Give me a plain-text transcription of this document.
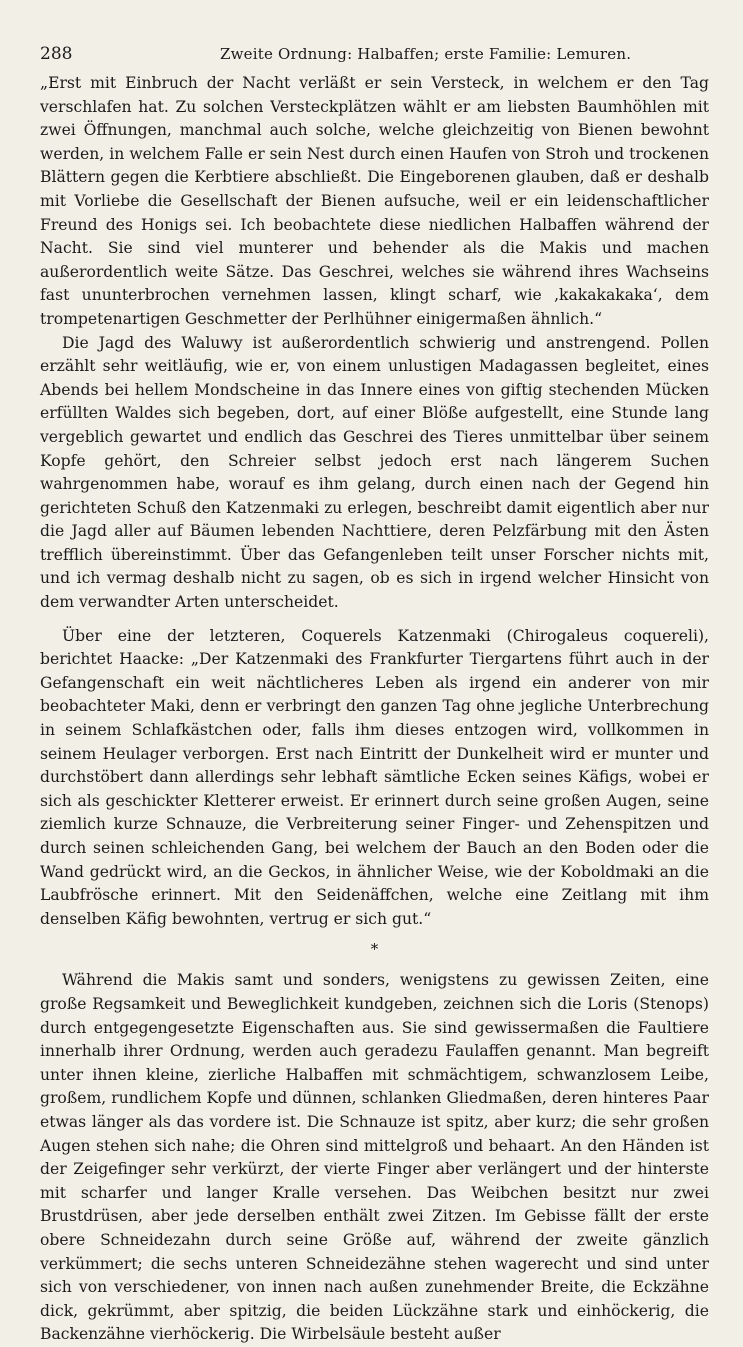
288	Zweite Ordnung: Halbaffen; erste Familie: Lemuren.

„Erst mit Einbruch der Nacht verläßt er sein Versteck, in welchem er den Tag verschlafen hat. Zu solchen Versteckplätzen wählt er am liebsten Baumhöhlen mit zwei Öffnungen, manchmal auch solche, welche gleichzeitig von Bienen bewohnt werden, in welchem Falle er sein Nest durch einen Haufen von Stroh und trockenen Blättern gegen die Kerbtiere abschließt. Die Eingeborenen glauben, daß er deshalb mit Vorliebe die Gesellschaft der Bienen aufsuche, weil er ein leidenschaftlicher Freund des Honigs sei. Ich beobachtete diese niedlichen Halbaffen während der Nacht. Sie sind viel munterer und behender als die Makis und machen außerordentlich weite Sätze. Das Geschrei, welches sie während ihres Wachseins fast ununterbrochen vernehmen lassen, klingt scharf, wie ‚kakakakaka‘, dem trompetenartigen Geschmetter der Perlhühner einigermaßen ähnlich.“

Die Jagd des Waluwy ist außerordentlich schwierig und anstrengend. Pollen erzählt sehr weitläufig, wie er, von einem unlustigen Madagassen begleitet, eines Abends bei hellem Mondscheine in das Innere eines von giftig stechenden Mücken erfüllten Waldes sich begeben, dort, auf einer Blöße aufgestellt, eine Stunde lang vergeblich gewartet und endlich das Geschrei des Tieres unmittelbar über seinem Kopfe gehört, den Schreier selbst jedoch erst nach längerem Suchen wahrgenommen habe, worauf es ihm gelang, durch einen nach der Gegend hin gerichteten Schuß den Katzenmaki zu erlegen, beschreibt damit eigentlich aber nur die Jagd aller auf Bäumen lebenden Nachttiere, deren Pelzfärbung mit den Ästen trefflich übereinstimmt. Über das Gefangenleben teilt unser Forscher nichts mit, und ich vermag deshalb nicht zu sagen, ob es sich in irgend welcher Hinsicht von dem verwandter Arten unterscheidet.

Über eine der letzteren, Coquerels Katzenmaki (Chirogaleus coquereli), berichtet Haacke: „Der Katzenmaki des Frankfurter Tiergartens führt auch in der Gefangenschaft ein weit nächtlicheres Leben als irgend ein anderer von mir beobachteter Maki, denn er verbringt den ganzen Tag ohne jegliche Unterbrechung in seinem Schlafkästchen oder, falls ihm dieses entzogen wird, vollkommen in seinem Heulager verborgen. Erst nach Eintritt der Dunkelheit wird er munter und durchstöbert dann allerdings sehr lebhaft sämtliche Ecken seines Käfigs, wobei er sich als geschickter Kletterer erweist. Er erinnert durch seine großen Augen, seine ziemlich kurze Schnauze, die Verbreiterung seiner Finger- und Zehenspitzen und durch seinen schleichenden Gang, bei welchem der Bauch an den Boden oder die Wand gedrückt wird, an die Geckos, in ähnlicher Weise, wie der Koboldmaki an die Laubfrösche erinnert. Mit den Seidenäffchen, welche eine Zeitlang mit ihm denselben Käfig bewohnten, vertrug er sich gut.“

*

Während die Makis samt und sonders, wenigstens zu gewissen Zeiten, eine große Regsamkeit und Beweglichkeit kundgeben, zeichnen sich die Loris (Stenops) durch entgegengesetzte Eigenschaften aus. Sie sind gewissermaßen die Faultiere innerhalb ihrer Ordnung, werden auch geradezu Faulaffen genannt. Man begreift unter ihnen kleine, zierliche Halbaffen mit schmächtigem, schwanzlosem Leibe, großem, rundlichem Kopfe und dünnen, schlanken Gliedmaßen, deren hinteres Paar etwas länger als das vordere ist. Die Schnauze ist spitz, aber kurz; die sehr großen Augen stehen sich nahe; die Ohren sind mittelgroß und behaart. An den Händen ist der Zeigefinger sehr verkürzt, der vierte Finger aber verlängert und der hinterste mit scharfer und langer Kralle versehen. Das Weibchen besitzt nur zwei Brustdrüsen, aber jede derselben enthält zwei Zitzen. Im Gebisse fällt der erste obere Schneidezahn durch seine Größe auf, während der zweite gänzlich verkümmert; die sechs unteren Schneidezähne stehen wagerecht und sind unter sich von verschiedener, von innen nach außen zunehmender Breite, die Eckzähne dick, gekrümmt, aber spitzig, die beiden Lückzähne stark und einhöckerig, die Backenzähne vierhöckerig. Die Wirbelsäule besteht außer
